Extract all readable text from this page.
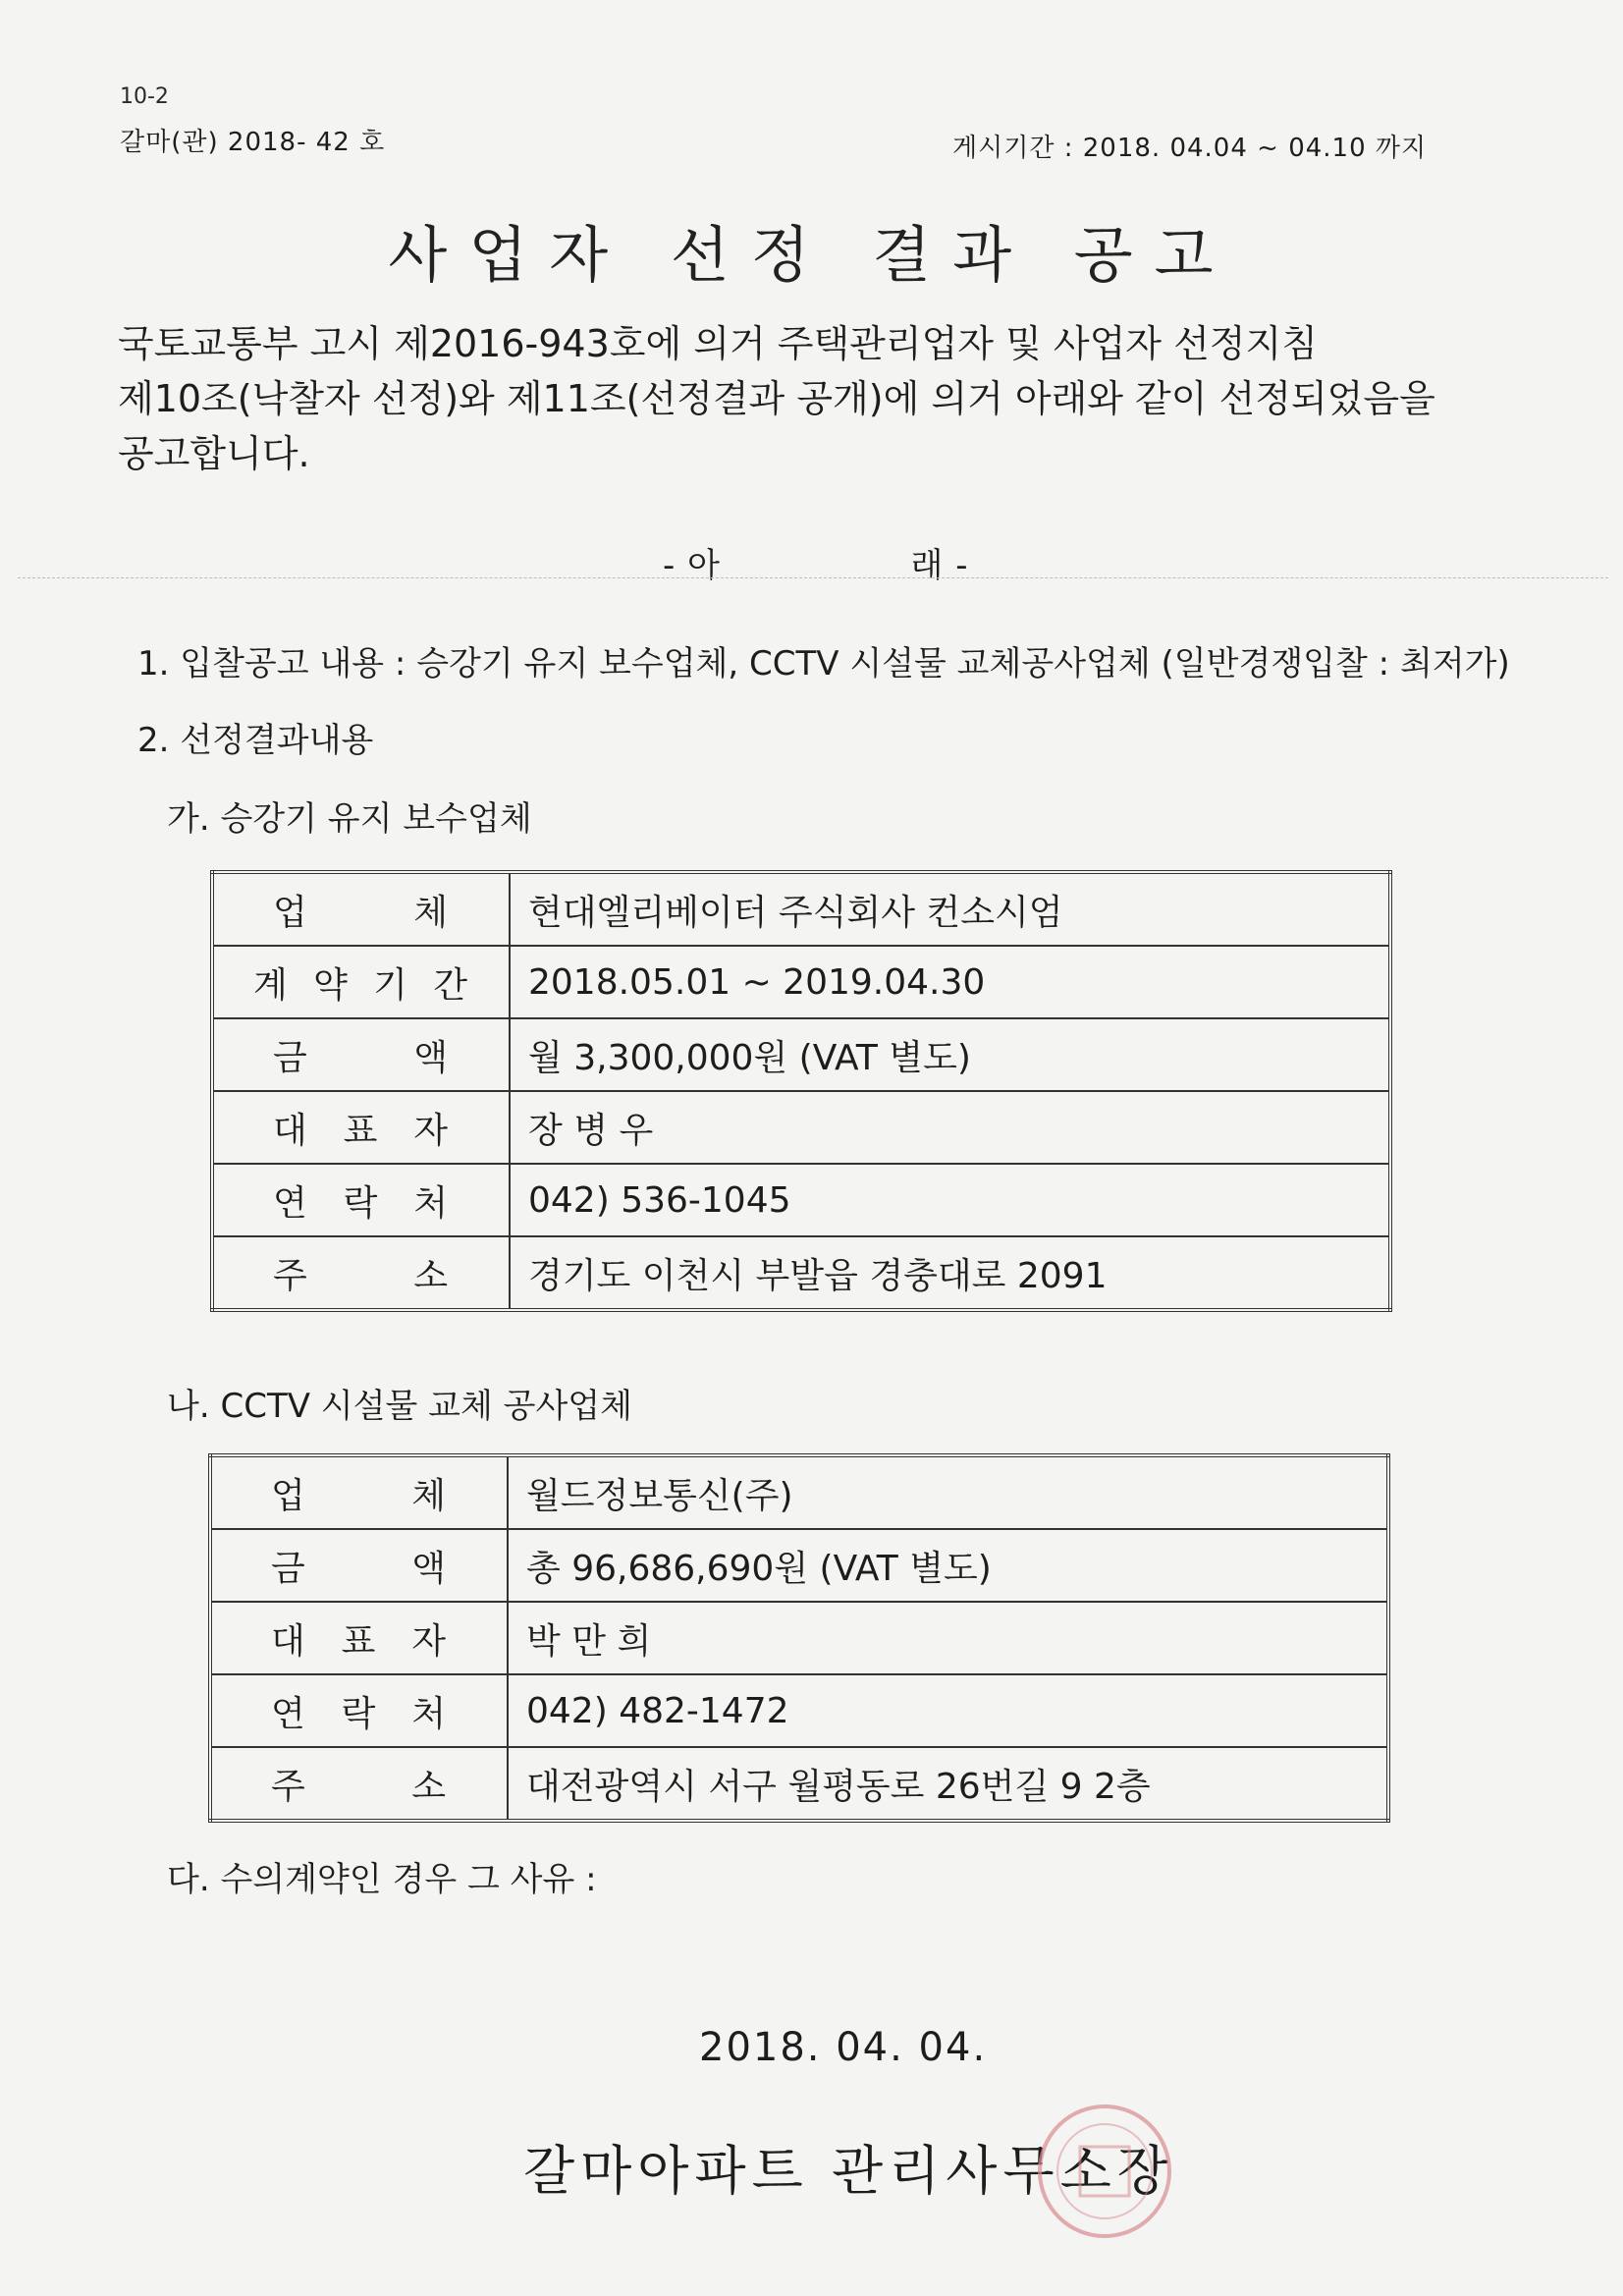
10-2
갈마(관) 2018- 42 호	게시기간 : 2018. 04.04 ~ 04.10 까지
사업자 선정 결과 공고

국토교통부 고시 제2016-943호에 의거 주택관리업자 및 사업자 선정지침

제10조(낙찰자 선정)와 제11조(선정결과 공개)에 의거 아래와 같이 선정되었음을

공고합니다.

- 아	래 -
1. 입찰공고 내용 : 승강기 유지 보수업체, CCTV 시설물 교체공사업체 (일반경쟁입찰 : 최저가)
2. 선정결과내용
가. 승강기 유지 보수업체
업 체	현대엘리베이터 주식회사 컨소시엄

계 약 기 간	2018.05.01 ~ 2019.04.30

금 액	월 3,300,000원 (VAT 별도)

대 표 자	장 병 우

연 락 처	042) 536-1045

주 소	경기도 이천시 부발읍 경충대로 2091
나. CCTV 시설물 교체 공사업체
업 체	월드정보통신(주)

금 액	총 96,686,690원 (VAT 별도)

대 표 자	박 만 희

연 락 처	042) 482-1472

주 소	대전광역시 서구 월평동로 26번길 9 2층
다. 수의계약인 경우 그 사유 :
2018. 04. 04.
갈마아파트 관리사무소장
